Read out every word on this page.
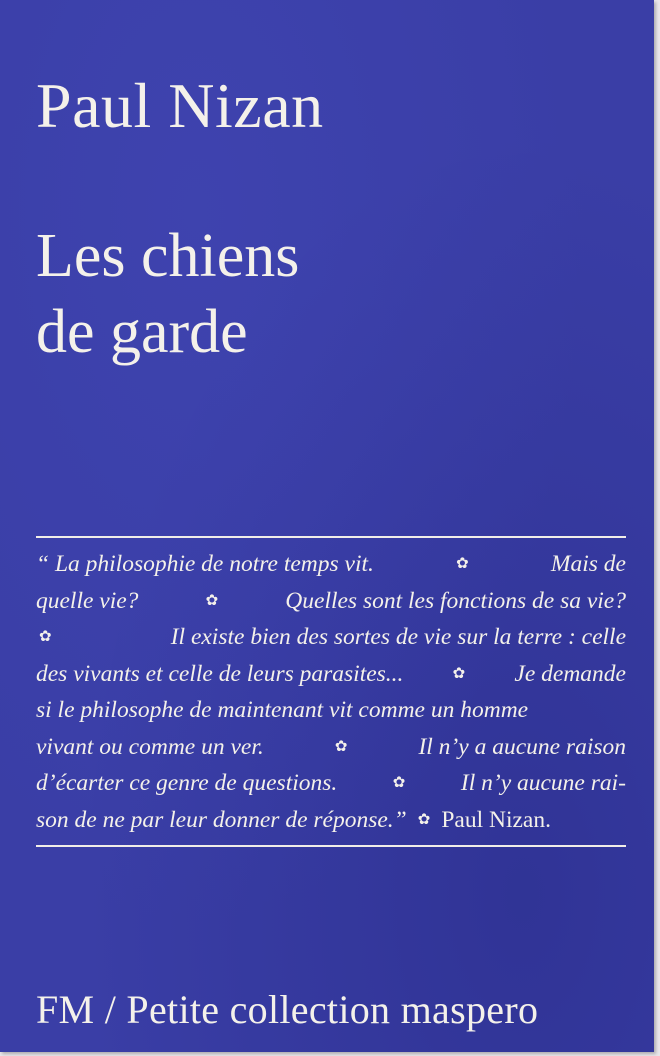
Paul Nizan
Les chiens
de garde
“ La philosophie de notre temps vit.	✿	Mais de
quelle vie?	✿	Quelles sont les fonctions de sa vie?
✿	Il existe bien des sortes de vie sur la terre : celle
des vivants et celle de leurs parasites...	✿ Je demande
si le philosophe de maintenant vit comme un homme
vivant ou comme un ver.	✿	Il n’y a aucune raison
d’écarter ce genre de questions.	✿ Il n’y aucune rai-
son de ne par leur donner de réponse.” ✿ Paul Nizan.
FM / Petite collection maspero
